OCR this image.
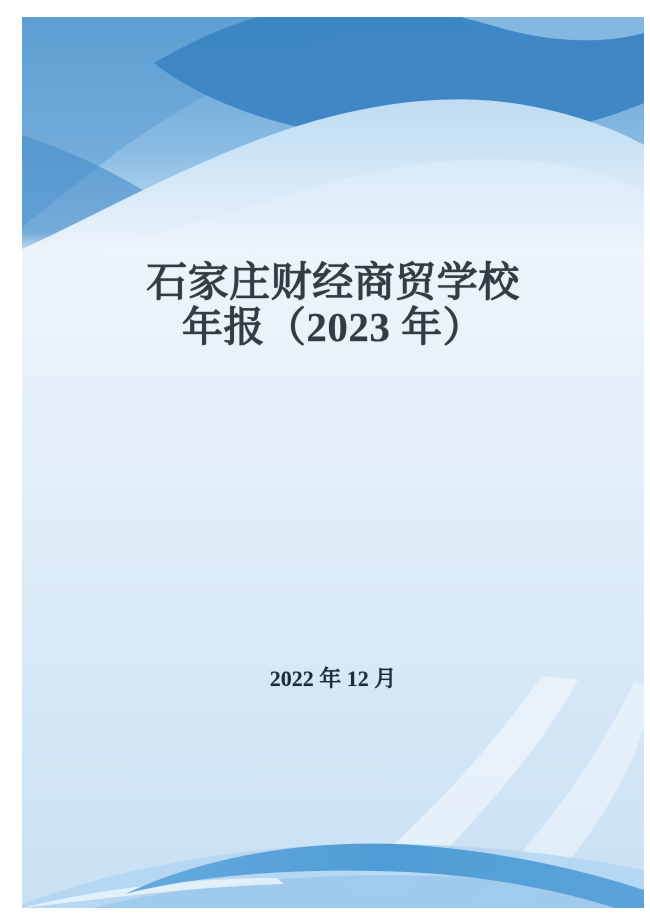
石家庄财经商贸学校
年报（2023 年）
2022 年 12 月
